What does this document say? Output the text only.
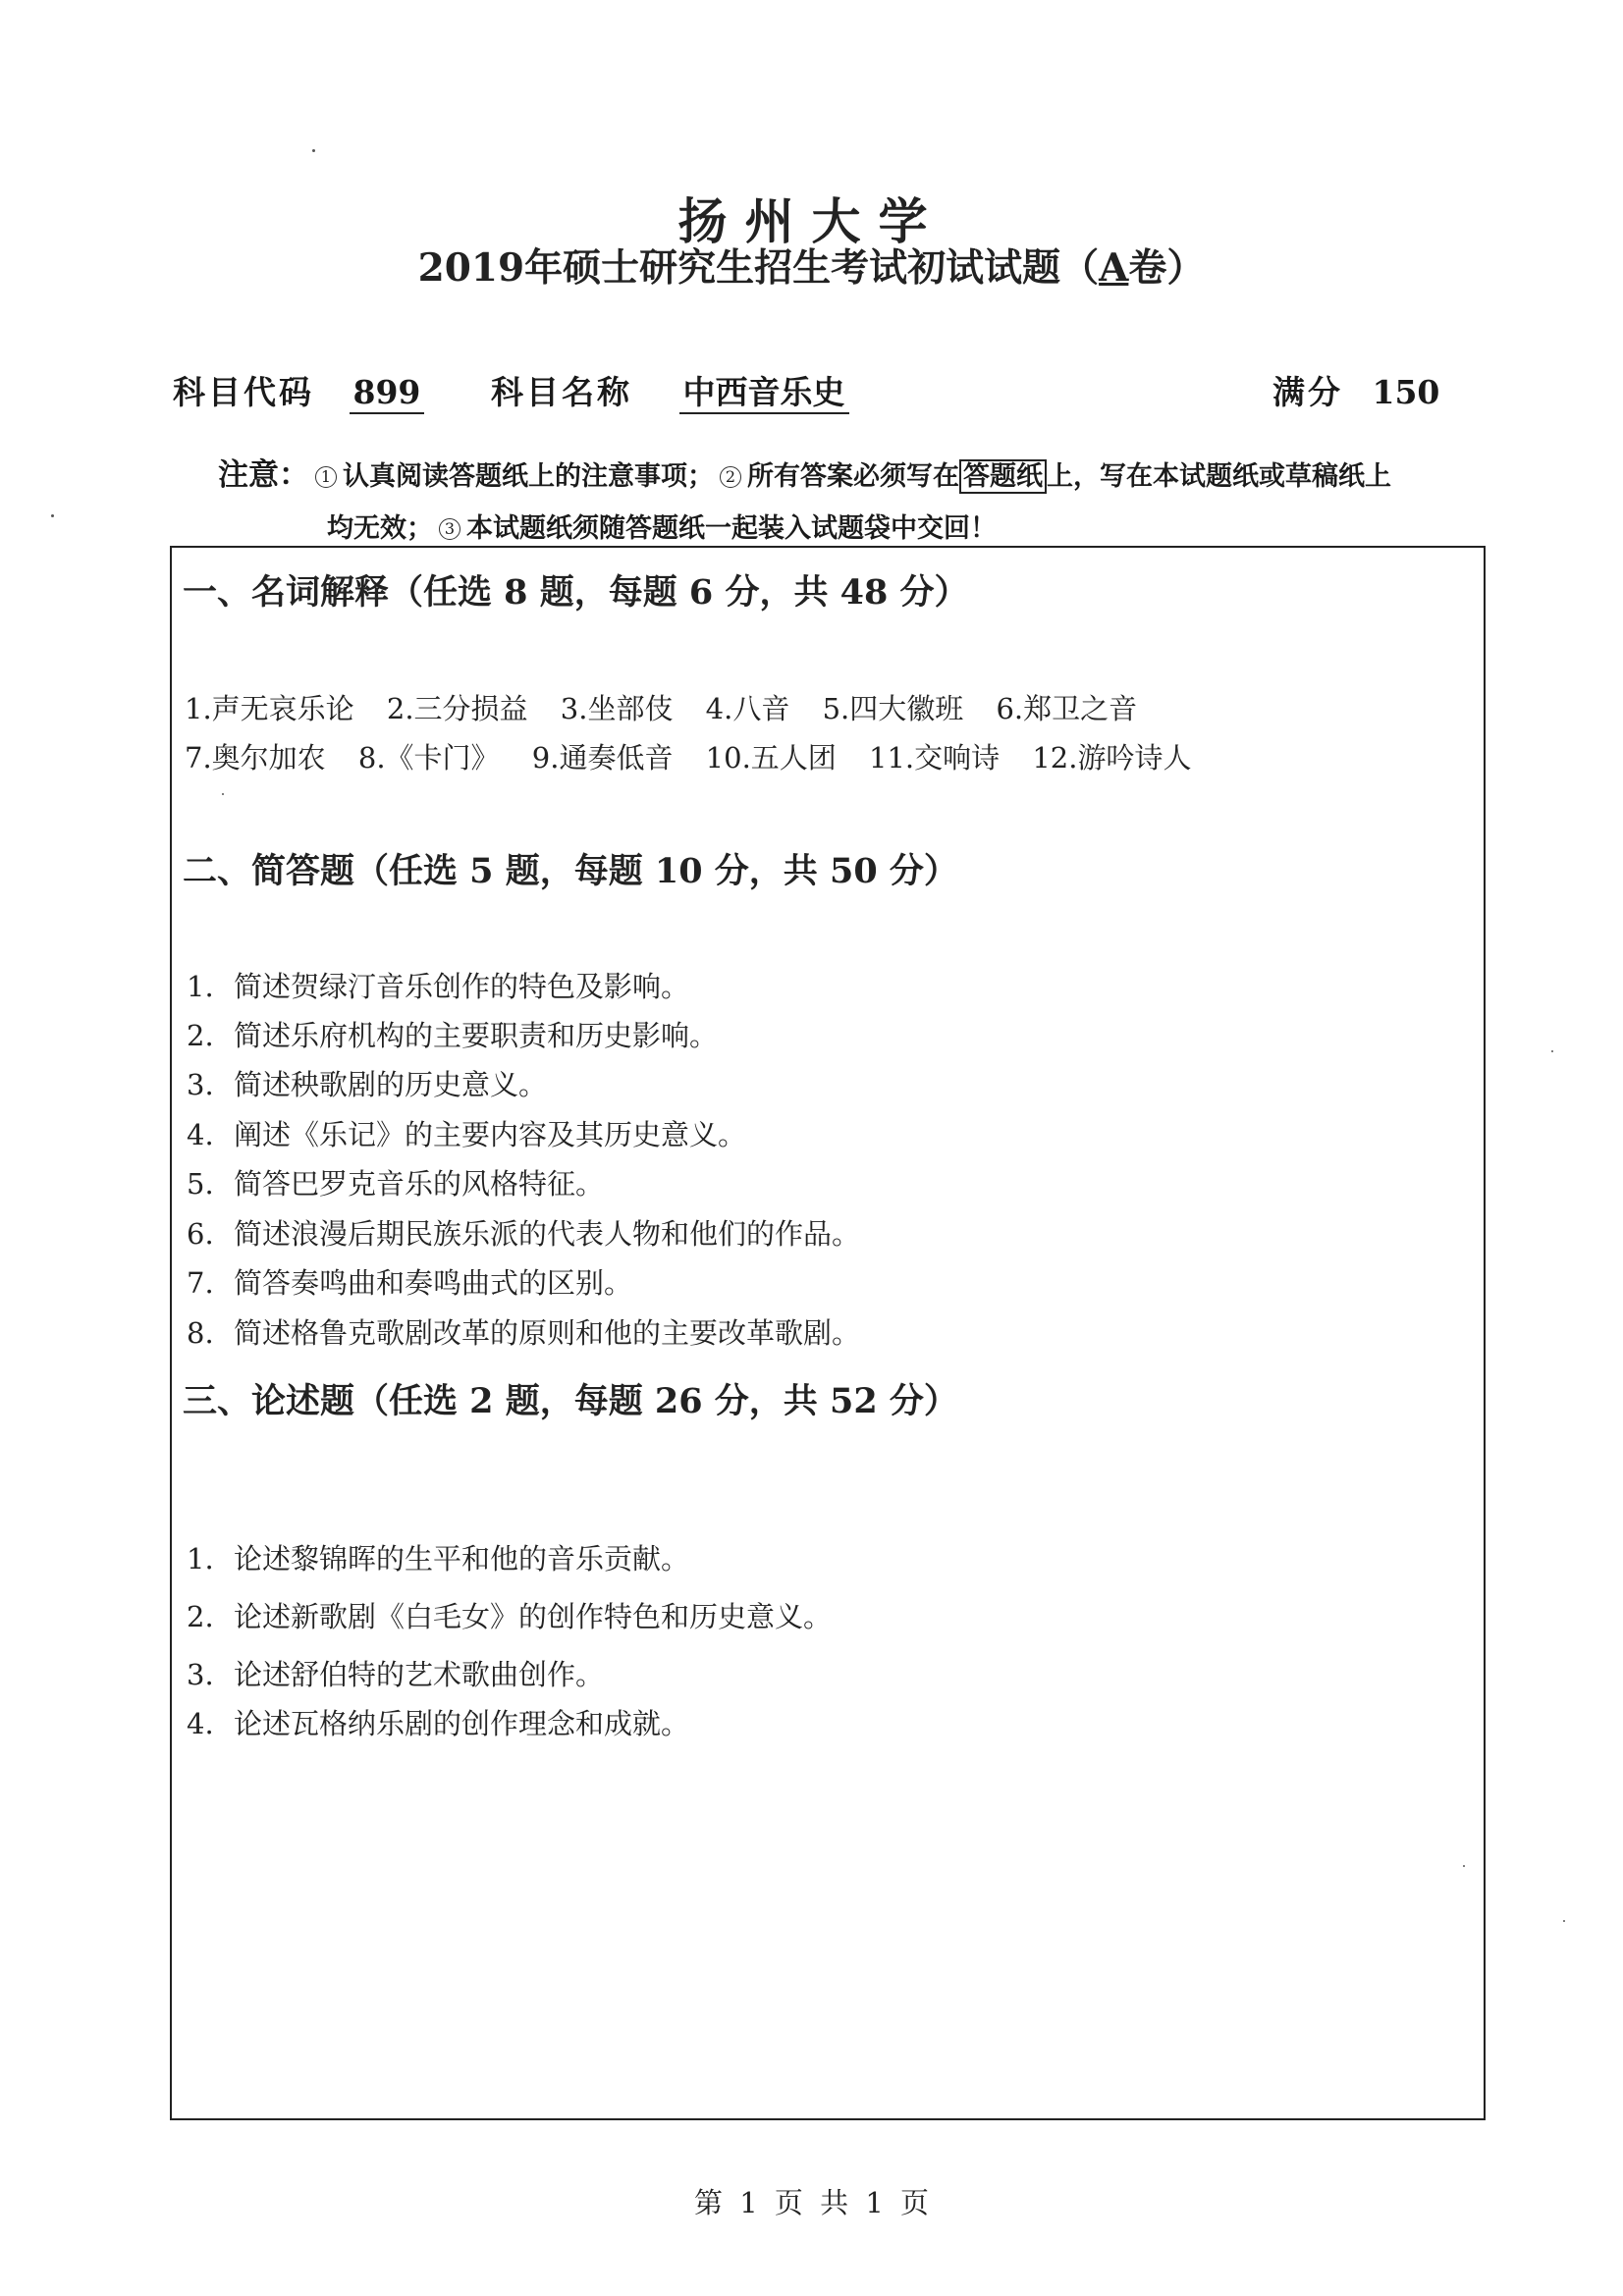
扬州大学
2019年硕士研究生招生考试初试试题（A卷）
科目代码 899 科目名称 中西音乐史	满分 150
注意： 1 认真阅读答题纸上的注意事项； 2 所有答案必须写在 答题纸 上，写在本试题纸或草稿纸上
均无效； 3 本试题纸须随答题纸一起装入试题袋中交回！
一、名词解释（任选 8 题，每题 6 分，共 48 分）
1.声无哀乐论 2.三分损益 3.坐部伎 4.八音 5.四大徽班 6.郑卫之音
7.奥尔加农 8.《卡门》 9.通奏低音 10.五人团 11.交响诗 12.游吟诗人
二、简答题（任选 5 题，每题 10 分，共 50 分）
1. 简述贺绿汀音乐创作的特色及影响。
2. 简述乐府机构的主要职责和历史影响。
3. 简述秧歌剧的历史意义。
4. 阐述《乐记》的主要内容及其历史意义。
5. 简答巴罗克音乐的风格特征。
6. 简述浪漫后期民族乐派的代表人物和他们的作品。
7. 简答奏鸣曲和奏鸣曲式的区别。
8. 简述格鲁克歌剧改革的原则和他的主要改革歌剧。
三、论述题（任选 2 题，每题 26 分，共 52 分）
1. 论述黎锦晖的生平和他的音乐贡献。
2. 论述新歌剧《白毛女》的创作特色和历史意义。
3. 论述舒伯特的艺术歌曲创作。
4. 论述瓦格纳乐剧的创作理念和成就。
第 1 页 共 1 页
